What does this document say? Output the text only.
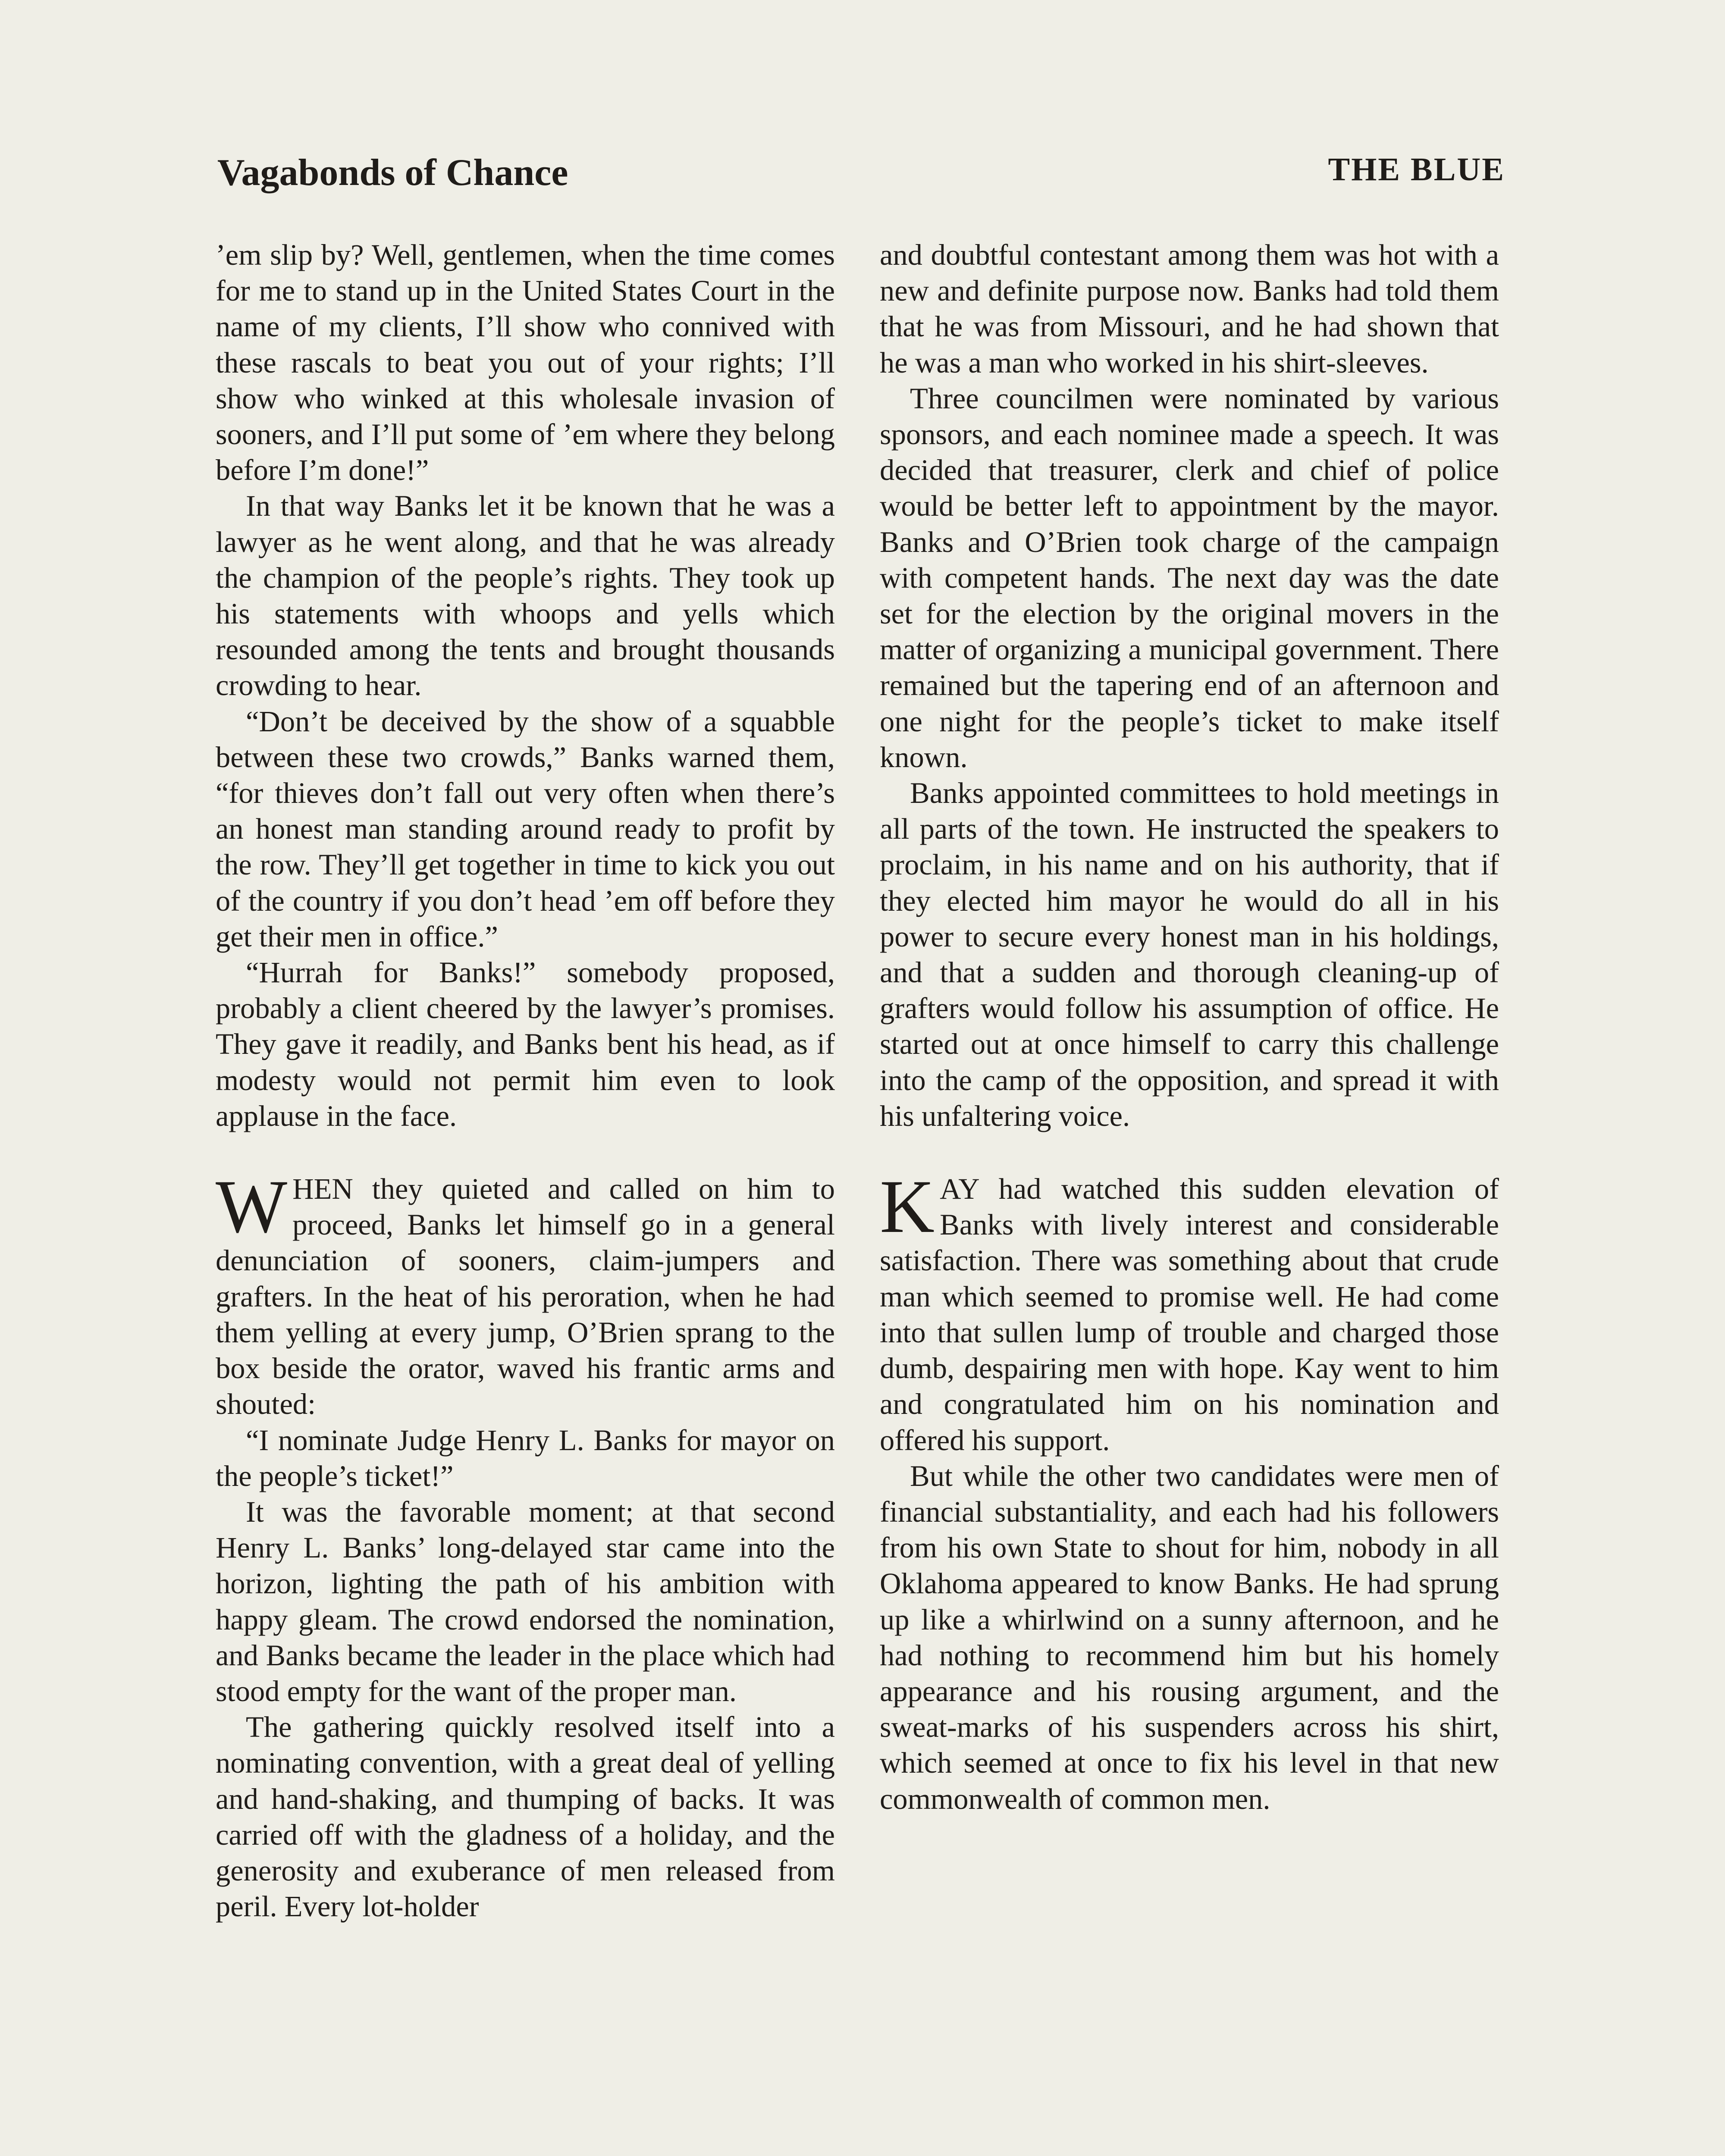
Vagabonds of Chance	THE BLUE

’em slip by? Well, gentlemen, when the time comes for me to stand up in the United States Court in the name of my clients, I’ll show who connived with these rascals to beat you out of your rights; I’ll show who winked at this wholesale invasion of sooners, and I’ll put some of ’em where they belong before I’m done!”

In that way Banks let it be known that he was a lawyer as he went along, and that he was already the champion of the people’s rights. They took up his statements with whoops and yells which resounded among the tents and brought thousands crowding to hear.

“Don’t be deceived by the show of a squabble between these two crowds,” Banks warned them, “for thieves don’t fall out very often when there’s an honest man standing around ready to profit by the row. They’ll get together in time to kick you out of the country if you don’t head ’em off before they get their men in office.”

“Hurrah for Banks!” somebody proposed, probably a client cheered by the lawyer’s promises. They gave it readily, and Banks bent his head, as if modesty would not permit him even to look applause in the face.

WHEN they quieted and called on him to proceed, Banks let himself go in a general denunciation of sooners, claim-jumpers and grafters. In the heat of his peroration, when he had them yelling at every jump, O’Brien sprang to the box beside the orator, waved his frantic arms and shouted:

“I nominate Judge Henry L. Banks for mayor on the people’s ticket!”

It was the favorable moment; at that second Henry L. Banks’ long-delayed star came into the horizon, lighting the path of his ambition with happy gleam. The crowd endorsed the nomination, and Banks became the leader in the place which had stood empty for the want of the proper man.

The gathering quickly resolved itself into a nominating convention, with a great deal of yelling and hand-shaking, and thumping of backs. It was carried off with the gladness of a holiday, and the generosity and exuberance of men released from peril. Every lot-holder

and doubtful contestant among them was hot with a new and definite purpose now. Banks had told them that he was from Missouri, and he had shown that he was a man who worked in his shirt-sleeves.

Three councilmen were nominated by various sponsors, and each nominee made a speech. It was decided that treasurer, clerk and chief of police would be better left to appointment by the mayor. Banks and O’Brien took charge of the campaign with competent hands. The next day was the date set for the election by the original movers in the matter of organizing a municipal government. There remained but the tapering end of an afternoon and one night for the people’s ticket to make itself known.

Banks appointed committees to hold meetings in all parts of the town. He instructed the speakers to proclaim, in his name and on his authority, that if they elected him mayor he would do all in his power to secure every honest man in his holdings, and that a sudden and thorough cleaning-up of grafters would follow his assumption of office. He started out at once himself to carry this challenge into the camp of the opposition, and spread it with his unfaltering voice.

KAY had watched this sudden elevation of Banks with lively interest and considerable satisfaction. There was something about that crude man which seemed to promise well. He had come into that sullen lump of trouble and charged those dumb, despairing men with hope. Kay went to him and congratulated him on his nomination and offered his support.

But while the other two candidates were men of financial substantiality, and each had his followers from his own State to shout for him, nobody in all Oklahoma appeared to know Banks. He had sprung up like a whirlwind on a sunny afternoon, and he had nothing to recommend him but his homely appearance and his rousing argument, and the sweat-marks of his suspenders across his shirt, which seemed at once to fix his level in that new commonwealth of common men.
